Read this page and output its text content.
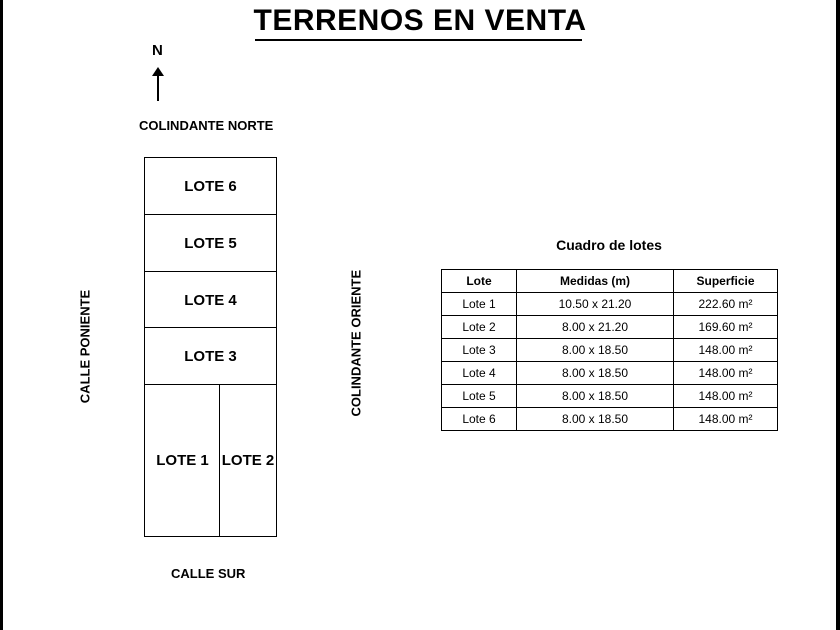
TERRENOS EN VENTA
N
COLINDANTE NORTE
CALLE SUR
CALLE PONIENTE	COLINDANTE ORIENTE
LOTE 6
LOTE 5
LOTE 4
LOTE 3
LOTE 1 LOTE 2
Cuadro de lotes
Lote	Medidas (m)	Superficie
Lote 1	10.50 x 21.20	222.60 m²
Lote 2	8.00 x 21.20	169.60 m²
Lote 3	8.00 x 18.50	148.00 m²
Lote 4	8.00 x 18.50	148.00 m²
Lote 5	8.00 x 18.50	148.00 m²
Lote 6	8.00 x 18.50	148.00 m²
